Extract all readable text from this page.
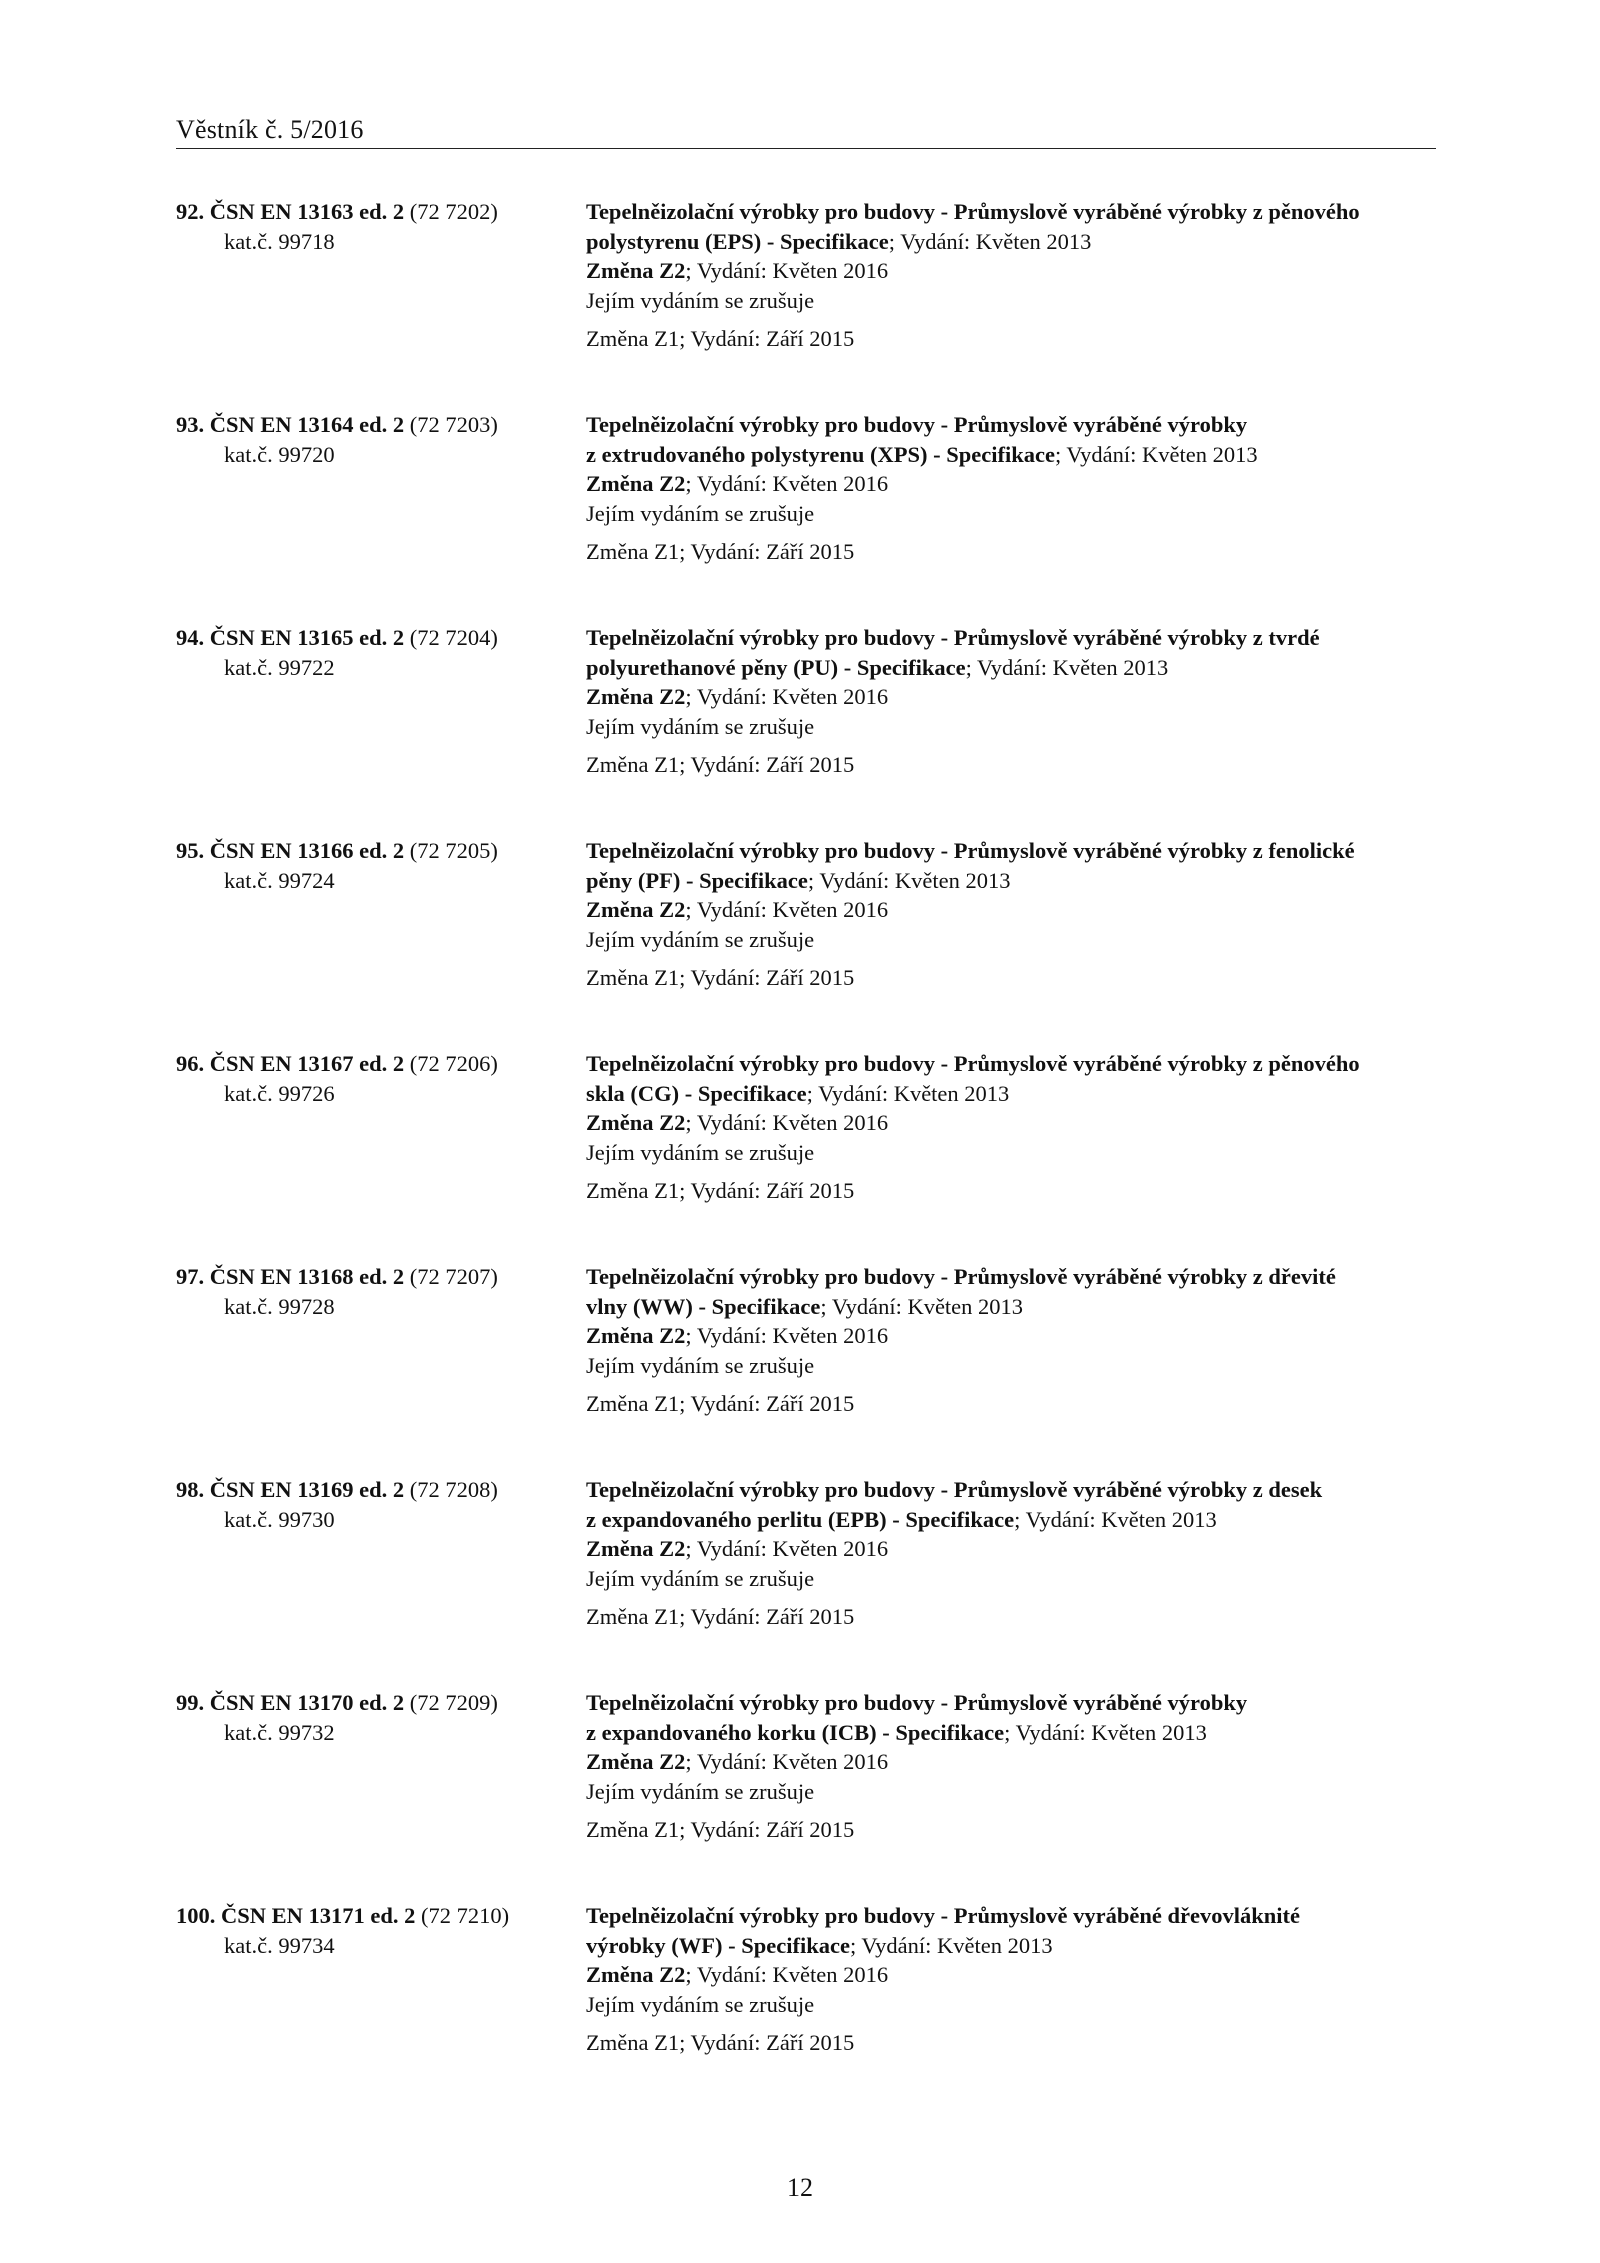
Věstník č. 5/2016
92. ČSN EN 13163 ed. 2 (72 7202)
kat.č. 99718
Tepelněizolační výrobky pro budovy - Průmyslově vyráběné výrobky z pěnového
polystyrenu (EPS) - Specifikace; Vydání: Květen 2013
Změna Z2; Vydání: Květen 2016
Jejím vydáním se zrušuje
Změna Z1; Vydání: Září 2015
93. ČSN EN 13164 ed. 2 (72 7203)
kat.č. 99720
Tepelněizolační výrobky pro budovy - Průmyslově vyráběné výrobky
z extrudovaného polystyrenu (XPS) - Specifikace; Vydání: Květen 2013
Změna Z2; Vydání: Květen 2016
Jejím vydáním se zrušuje
Změna Z1; Vydání: Září 2015
94. ČSN EN 13165 ed. 2 (72 7204)
kat.č. 99722
Tepelněizolační výrobky pro budovy - Průmyslově vyráběné výrobky z tvrdé
polyurethanové pěny (PU) - Specifikace; Vydání: Květen 2013
Změna Z2; Vydání: Květen 2016
Jejím vydáním se zrušuje
Změna Z1; Vydání: Září 2015
95. ČSN EN 13166 ed. 2 (72 7205)
kat.č. 99724
Tepelněizolační výrobky pro budovy - Průmyslově vyráběné výrobky z fenolické
pěny (PF) - Specifikace; Vydání: Květen 2013
Změna Z2; Vydání: Květen 2016
Jejím vydáním se zrušuje
Změna Z1; Vydání: Září 2015
96. ČSN EN 13167 ed. 2 (72 7206)
kat.č. 99726
Tepelněizolační výrobky pro budovy - Průmyslově vyráběné výrobky z pěnového
skla (CG) - Specifikace; Vydání: Květen 2013
Změna Z2; Vydání: Květen 2016
Jejím vydáním se zrušuje
Změna Z1; Vydání: Září 2015
97. ČSN EN 13168 ed. 2 (72 7207)
kat.č. 99728
Tepelněizolační výrobky pro budovy - Průmyslově vyráběné výrobky z dřevité
vlny (WW) - Specifikace; Vydání: Květen 2013
Změna Z2; Vydání: Květen 2016
Jejím vydáním se zrušuje
Změna Z1; Vydání: Září 2015
98. ČSN EN 13169 ed. 2 (72 7208)
kat.č. 99730
Tepelněizolační výrobky pro budovy - Průmyslově vyráběné výrobky z desek
z expandovaného perlitu (EPB) - Specifikace; Vydání: Květen 2013
Změna Z2; Vydání: Květen 2016
Jejím vydáním se zrušuje
Změna Z1; Vydání: Září 2015
99. ČSN EN 13170 ed. 2 (72 7209)
kat.č. 99732
Tepelněizolační výrobky pro budovy - Průmyslově vyráběné výrobky
z expandovaného korku (ICB) - Specifikace; Vydání: Květen 2013
Změna Z2; Vydání: Květen 2016
Jejím vydáním se zrušuje
Změna Z1; Vydání: Září 2015
100. ČSN EN 13171 ed. 2 (72 7210)
kat.č. 99734
Tepelněizolační výrobky pro budovy - Průmyslově vyráběné dřevovláknité
výrobky (WF) - Specifikace; Vydání: Květen 2013
Změna Z2; Vydání: Květen 2016
Jejím vydáním se zrušuje
Změna Z1; Vydání: Září 2015
12
